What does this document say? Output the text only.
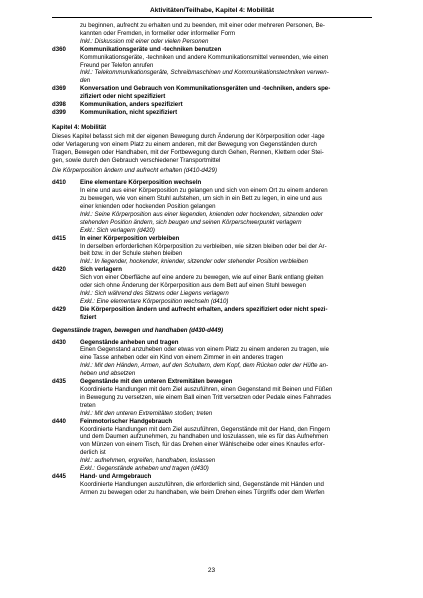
Aktivitäten/Teilhabe, Kapitel 4: Mobilität

zu beginnen, aufrecht zu erhalten und zu beenden, mit einer oder mehreren Personen, Be-

kannten oder Fremden, in formeller oder informeller Form

Inkl.: Diskussion mit einer oder vielen Personen

d360	Kommunikationsgeräte und -techniken benutzen

Kommunikationsgeräte, -techniken und andere Kommunikationsmittel verwenden, wie einen

Freund per Telefon anrufen

Inkl.: Telekommunikationsgeräte, Schreibmaschinen und Kommunikationstechniken verwen-

den

d369	Konversation und Gebrauch von Kommunikationsgeräten und -techniken, anders spe-

zifiziert oder nicht spezifiziert

d398	Kommunikation, anders spezifiziert

d399	Kommunikation, nicht spezifiziert

Kapitel 4: Mobilität

Dieses Kapitel befasst sich mit der eigenen Bewegung durch Änderung der Körperposition oder -lage

oder Verlagerung von einem Platz zu einem anderen, mit der Bewegung von Gegenständen durch

Tragen, Bewegen oder Handhaben, mit der Fortbewegung durch Gehen, Rennen, Klettern oder Stei-

gen, sowie durch den Gebrauch verschiedener Transportmittel

Die Körperposition ändern und aufrecht erhalten (d410-d429)

d410	Eine elementare Körperposition wechseln

In eine und aus einer Körperposition zu gelangen und sich von einem Ort zu einem anderen

zu bewegen, wie von einem Stuhl aufstehen, um sich in ein Bett zu legen, in eine und aus

einer knienden oder hockenden Position gelangen

Inkl.: Seine Körperposition aus einer liegenden, knienden oder hockenden, sitzenden oder

stehenden Position ändern, sich beugen und seinen Körperschwerpunkt verlagern

Exkl.: Sich verlagern (d420)

d415	In einer Körperposition verbleiben

In derselben erforderlichen Körperposition zu verbleiben, wie sitzen bleiben oder bei der Ar-

beit bzw. in der Schule stehen bleiben

Inkl.: In liegender, hockender, kniender, sitzender oder stehender Position verbleiben

d420	Sich verlagern

Sich von einer Oberfläche auf eine andere zu bewegen, wie auf einer Bank entlang gleiten

oder sich ohne Änderung der Körperposition aus dem Bett auf einen Stuhl bewegen

Inkl.: Sich während des Sitzens oder Liegens verlagern

Exkl.: Eine elementare Körperposition wechseln (d410)

d429	Die Körperposition ändern und aufrecht erhalten, anders spezifiziert oder nicht spezi-

fiziert

Gegenstände tragen, bewegen und handhaben (d430-d449)

d430	Gegenstände anheben und tragen

Einen Gegenstand anzuheben oder etwas von einem Platz zu einem anderen zu tragen, wie

eine Tasse anheben oder ein Kind von einem Zimmer in ein anderes tragen

Inkl.: Mit den Händen, Armen, auf den Schultern, dem Kopf, dem Rücken oder der Hüfte an-

heben und absetzen

d435	Gegenstände mit den unteren Extremitäten bewegen

Koordinierte Handlungen mit dem Ziel auszuführen, einen Gegenstand mit Beinen und Füßen

in Bewegung zu versetzen, wie einem Ball einen Tritt versetzen oder Pedale eines Fahrrades

treten

Inkl.: Mit den unteren Extremitäten stoßen; treten

d440	Feinmotorischer Handgebrauch

Koordinierte Handlungen mit dem Ziel auszuführen, Gegenstände mit der Hand, den Fingern

und dem Daumen aufzunehmen, zu handhaben und loszulassen, wie es für das Aufnehmen

von Münzen von einem Tisch, für das Drehen einer Wählscheibe oder eines Knaufes erfor-

derlich ist

Inkl.: aufnehmen, ergreifen, handhaben, loslassen

Exkl.: Gegenstände anheben und tragen (d430)

d445	Hand- und Armgebrauch

Koordinierte Handlungen auszuführen, die erforderlich sind, Gegenstände mit Händen und

Armen zu bewegen oder zu handhaben, wie beim Drehen eines Türgriffs oder dem Werfen

23
